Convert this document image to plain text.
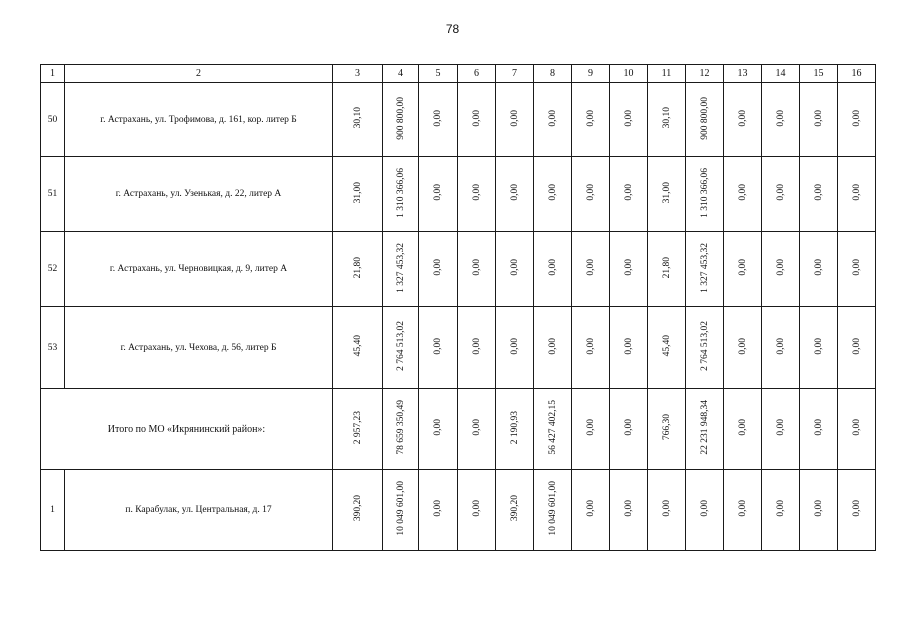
78
1	2	3	4	5	6	7	8	9	10	11	12	13	14	15	16
50	г. Астрахань, ул. Трофимова, д. 161, кор. литер Б	30,10	900 800,00	0,00	0,00	0,00	0,00	0,00	0,00	30,10	900 800,00	0,00	0,00	0,00	0,00
51	г. Астрахань, ул. Узенькая, д. 22, литер А	31,00	1 310 366,06	0,00	0,00	0,00	0,00	0,00	0,00	31,00	1 310 366,06	0,00	0,00	0,00	0,00
52	г. Астрахань, ул. Черновицкая, д. 9, литер А	21,80	1 327 453,32	0,00	0,00	0,00	0,00	0,00	0,00	21,80	1 327 453,32	0,00	0,00	0,00	0,00
53	г. Астрахань, ул. Чехова, д. 56, литер Б	45,40	2 764 513,02	0,00	0,00	0,00	0,00	0,00	0,00	45,40	2 764 513,02	0,00	0,00	0,00	0,00
Итого по МО «Икрянинский район»:		2 957,23	78 659 350,49	0,00	0,00	2 190,93	56 427 402,15	0,00	0,00	766,30	22 231 948,34	0,00	0,00	0,00	0,00
1	п. Карабулак, ул. Центральная, д. 17	390,20	10 049 601,00	0,00	0,00	390,20	10 049 601,00	0,00	0,00	0,00	0,00	0,00	0,00	0,00	0,00
